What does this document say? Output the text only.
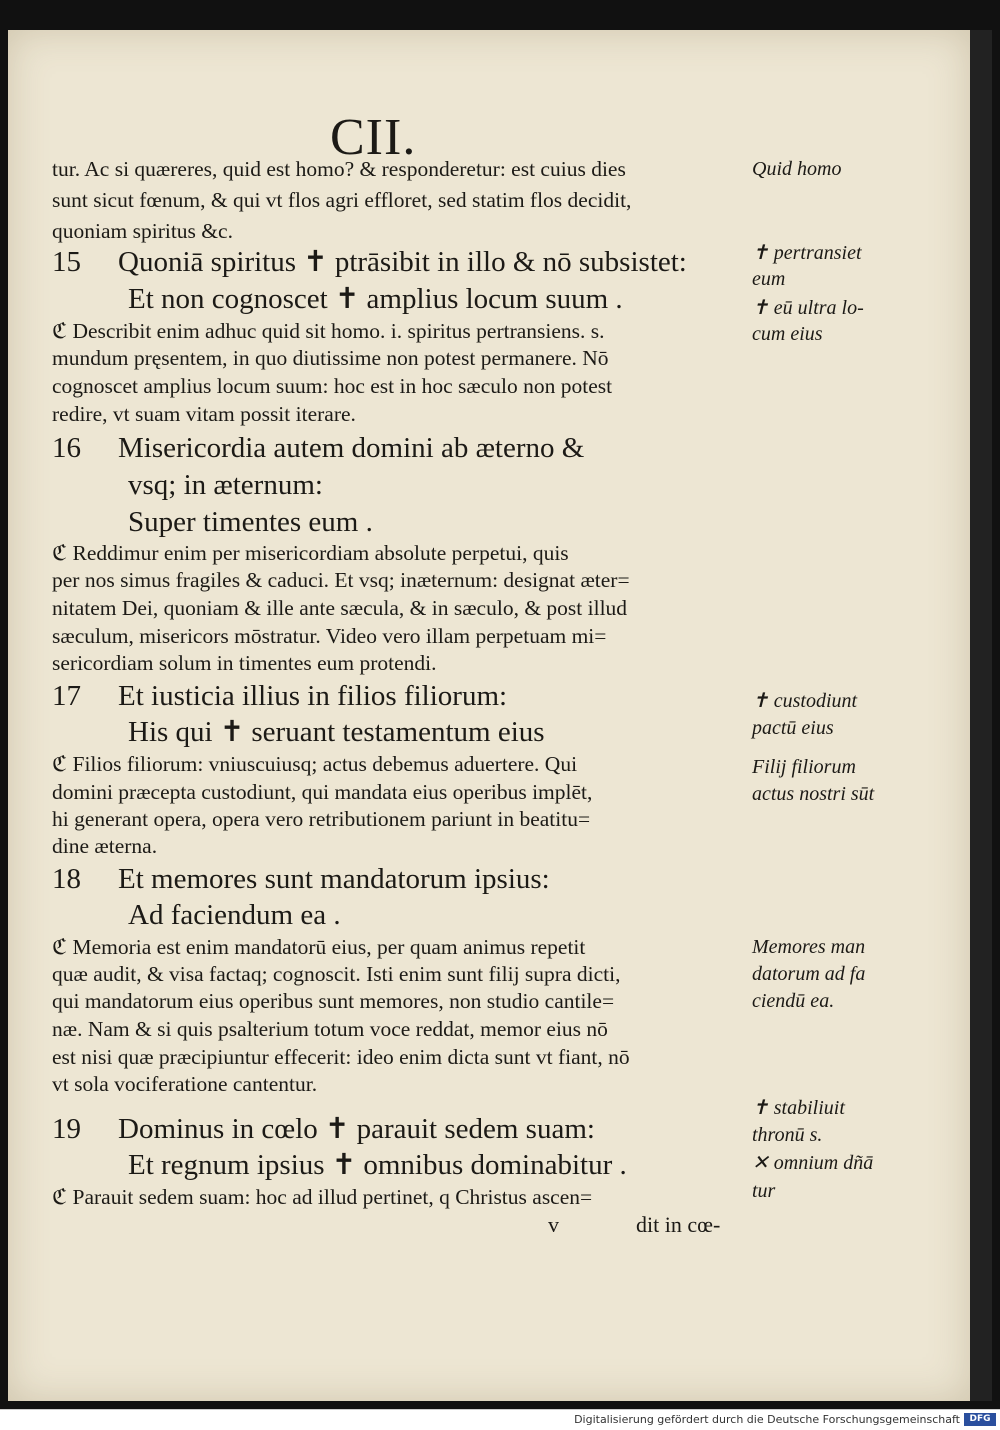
CII.
tur. Ac si quæreres, quid est homo? & responderetur: est cuius dies
sunt sicut fœnum, & qui vt flos agri effloret, sed statim flos decidit,
quoniam spiritus &c.
15 Quoniā spiritus ✝ ptrāsibit in illo & nō subsistet:
Et non cognoscet ✝ amplius locum suum .
ℭ Describit enim adhuc quid sit homo. i. spiritus pertransiens. s.
mundum pręsentem, in quo diutissime non potest permanere. Nō
cognoscet amplius locum suum: hoc est in hoc sæculo non potest
redire, vt suam vitam possit iterare.
16 Misericordia autem domini ab æterno &
vsq; in æternum:
Super timentes eum .
ℭ Reddimur enim per misericordiam absolute perpetui, quis
per nos simus fragiles & caduci. Et vsq; inæternum: designat æter=
nitatem Dei, quoniam & ille ante sæcula, & in sæculo, & post illud
sæculum, misericors mōstratur. Video vero illam perpetuam mi=
sericordiam solum in timentes eum protendi.
17 Et iusticia illius in filios filiorum:
His qui ✝ seruant testamentum eius
ℭ Filios filiorum: vniuscuiusq; actus debemus aduertere. Qui
domini præcepta custodiunt, qui mandata eius operibus implēt,
hi generant opera, opera vero retributionem pariunt in beatitu=
dine æterna.
18 Et memores sunt mandatorum ipsius:
Ad faciendum ea .
ℭ Memoria est enim mandatorū eius, per quam animus repetit
quæ audit, & visa factaq; cognoscit. Isti enim sunt filij supra dicti,
qui mandatorum eius operibus sunt memores, non studio cantile=
næ. Nam & si quis psalterium totum voce reddat, memor eius nō
est nisi quæ præcipiuntur effecerit: ideo enim dicta sunt vt fiant, nō
vt sola vociferatione cantentur.
19 Dominus in cœlo ✝ parauit sedem suam:
Et regnum ipsius ✝ omnibus dominabitur .
ℭ Parauit sedem suam: hoc ad illud pertinet, q Christus ascen=
v	dit in cœ-
Quid homo
✝ pertransiet
eum
✝ eū ultra lo-
cum eius
✝ custodiunt
pactū eius
Filij filiorum
actus nostri sūt
Memores man
datorum ad fa
ciendū ea.
✝ stabiliuit
thronū s.
✕ omnium dñā
tur
Digitalisierung gefördert durch die Deutsche Forschungsgemeinschaft	DFG
